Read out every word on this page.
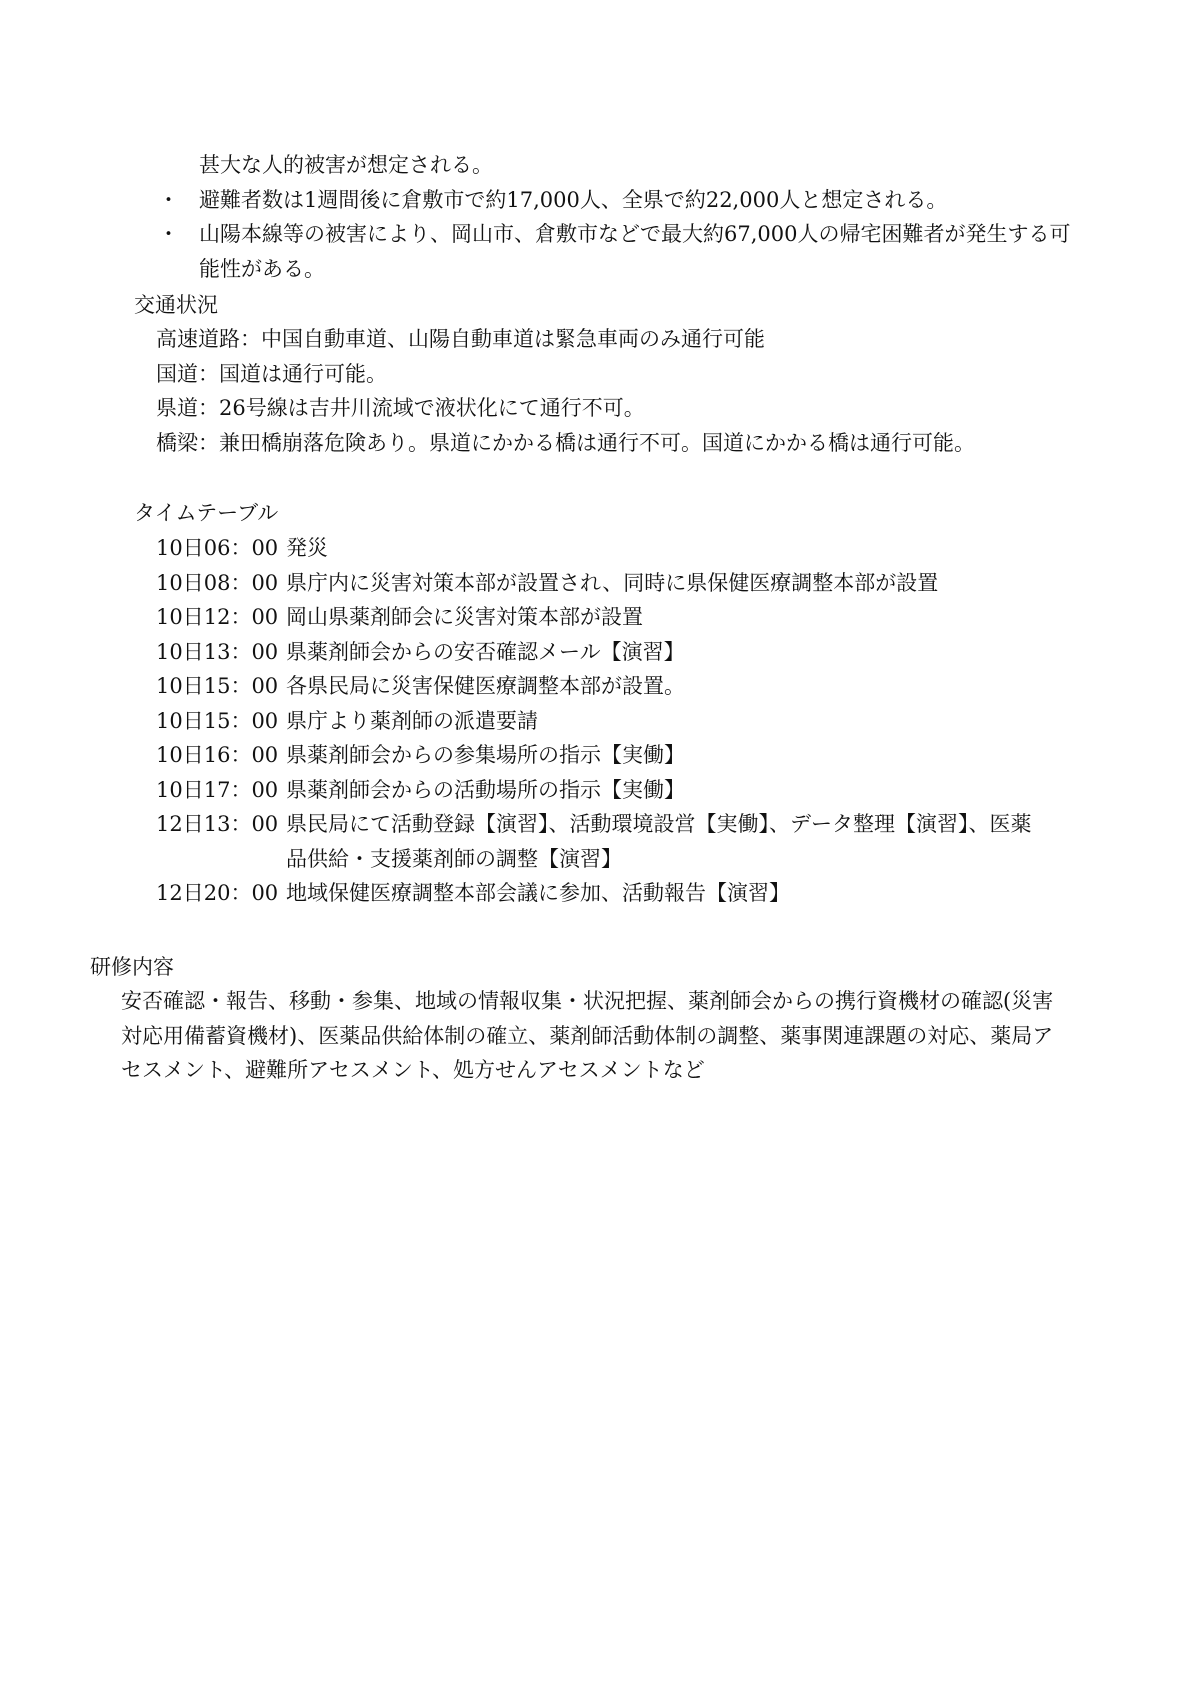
甚大な人的被害が想定される。
・ 避難者数は1週間後に倉敷市で約17,000人、全県で約22,000人と想定される。
・ 山陽本線等の被害により、岡山市、倉敷市などで最大約67,000人の帰宅困難者が発生する可
能性がある。
交通状況
高速道路：中国自動車道、山陽自動車道は緊急車両のみ通行可能
国道：国道は通行可能。
県道：26号線は吉井川流域で液状化にて通行不可。
橋梁：兼田橋崩落危険あり。県道にかかる橋は通行不可。国道にかかる橋は通行可能。
タイムテーブル
10日06：00 発災
10日08：00 県庁内に災害対策本部が設置され、同時に県保健医療調整本部が設置
10日12：00 岡山県薬剤師会に災害対策本部が設置
10日13：00 県薬剤師会からの安否確認メール【演習】
10日15：00 各県民局に災害保健医療調整本部が設置。
10日15：00 県庁より薬剤師の派遣要請
10日16：00 県薬剤師会からの参集場所の指示【実働】
10日17：00 県薬剤師会からの活動場所の指示【実働】
12日13：00 県民局にて活動登録【演習】、活動環境設営【実働】、データ整理【演習】、医薬
品供給・支援薬剤師の調整【演習】
12日20：00 地域保健医療調整本部会議に参加、活動報告【演習】
研修内容
安否確認・報告、移動・参集、地域の情報収集・状況把握、薬剤師会からの携行資機材の確認(災害
対応用備蓄資機材)、医薬品供給体制の確立、薬剤師活動体制の調整、薬事関連課題の対応、薬局ア
セスメント、避難所アセスメント、処方せんアセスメントなど
